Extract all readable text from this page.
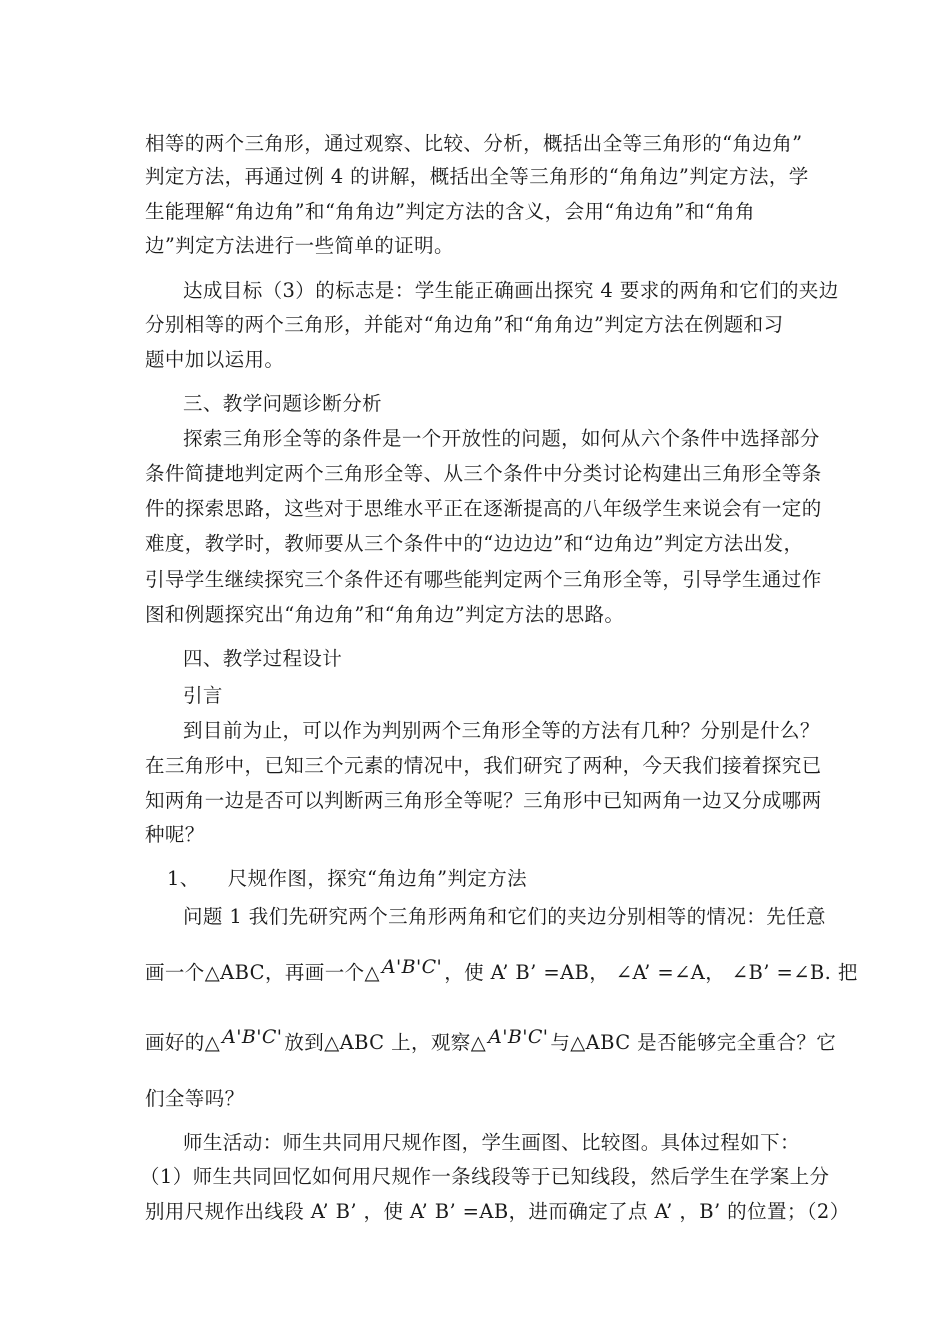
相等的两个三角形，通过观察、比较、分析，概括出全等三角形的“角边角”
判定方法，再通过例 4 的讲解，概括出全等三角形的“角角边”判定方法，学
生能理解“角边角”和“角角边”判定方法的含义，会用“角边角”和“角角
边”判定方法进行一些简单的证明。
达成目标（3）的标志是：学生能正确画出探究 4 要求的两角和它们的夹边
分别相等的两个三角形，并能对“角边角”和“角角边”判定方法在例题和习
题中加以运用。
三、教学问题诊断分析
探索三角形全等的条件是一个开放性的问题，如何从六个条件中选择部分
条件简捷地判定两个三角形全等、从三个条件中分类讨论构建出三角形全等条
件的探索思路，这些对于思维水平正在逐渐提高的八年级学生来说会有一定的
难度，教学时，教师要从三个条件中的“边边边”和“边角边”判定方法出发，
引导学生继续探究三个条件还有哪些能判定两个三角形全等，引导学生通过作
图和例题探究出“角边角”和“角角边”判定方法的思路。
四、教学过程设计
引言
到目前为止，可以作为判别两个三角形全等的方法有几种？分别是什么？
在三角形中，已知三个元素的情况中，我们研究了两种，今天我们接着探究已
知两角一边是否可以判断两三角形全等呢？三角形中已知两角一边又分成哪两
种呢？
1、 尺规作图，探究“角边角”判定方法
问题 1 我们先研究两个三角形两角和它们的夹边分别相等的情况：先任意
画一个△ABC，再画一个△ A'B'C' ，使 A’ B’ =AB， ∠A’ =∠A， ∠B’ =∠B. 把
画好的△ A'B'C' 放到△ABC 上，观察△ A'B'C' 与△ABC 是否能够完全重合？它
们全等吗？
师生活动：师生共同用尺规作图，学生画图、比较图。具体过程如下：
（1）师生共同回忆如何用尺规作一条线段等于已知线段，然后学生在学案上分
别用尺规作出线段 A’ B’ ，使 A’ B’ =AB，进而确定了点 A’ ，B’ 的位置；（2）
